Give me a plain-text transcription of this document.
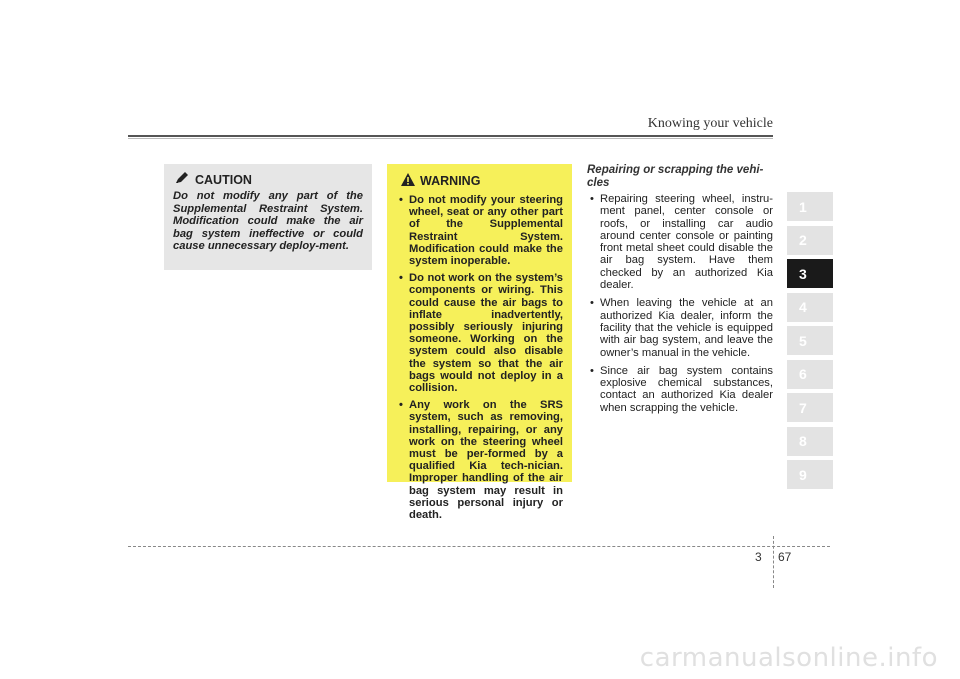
Knowing your vehicle
CAUTION
Do not modify any part of the Supplemental Restraint System. Modification could make the air bag system ineffective or could cause unnecessary deploy-ment.
WARNING
• Do not modify your steering wheel, seat or any other part of the Supplemental Restraint System. Modification could make the system inoperable.
• Do not work on the system’s components or wiring. This could cause the air bags to inflate inadvertently, possibly seriously injuring someone. Working on the system could also disable the system so that the air bags would not deploy in a collision.
• Any work on the SRS system, such as removing, installing, repairing, or any work on the steering wheel must be per-formed by a qualified Kia tech-nician. Improper handling of the air bag system may result in serious personal injury or death.
Repairing or scrapping the vehi-cles
• Repairing steering wheel, instru-ment panel, center console or roofs, or installing car audio around center console or painting front metal sheet could disable the air bag system. Have them checked by an authorized Kia dealer.
• When leaving the vehicle at an authorized Kia dealer, inform the facility that the vehicle is equipped with air bag system, and leave the owner’s manual in the vehicle.
• Since air bag system contains explosive chemical substances, contact an authorized Kia dealer when scrapping the vehicle.
1
2
3
4
5
6
7
8
9
3 67
carmanualsonline.info
